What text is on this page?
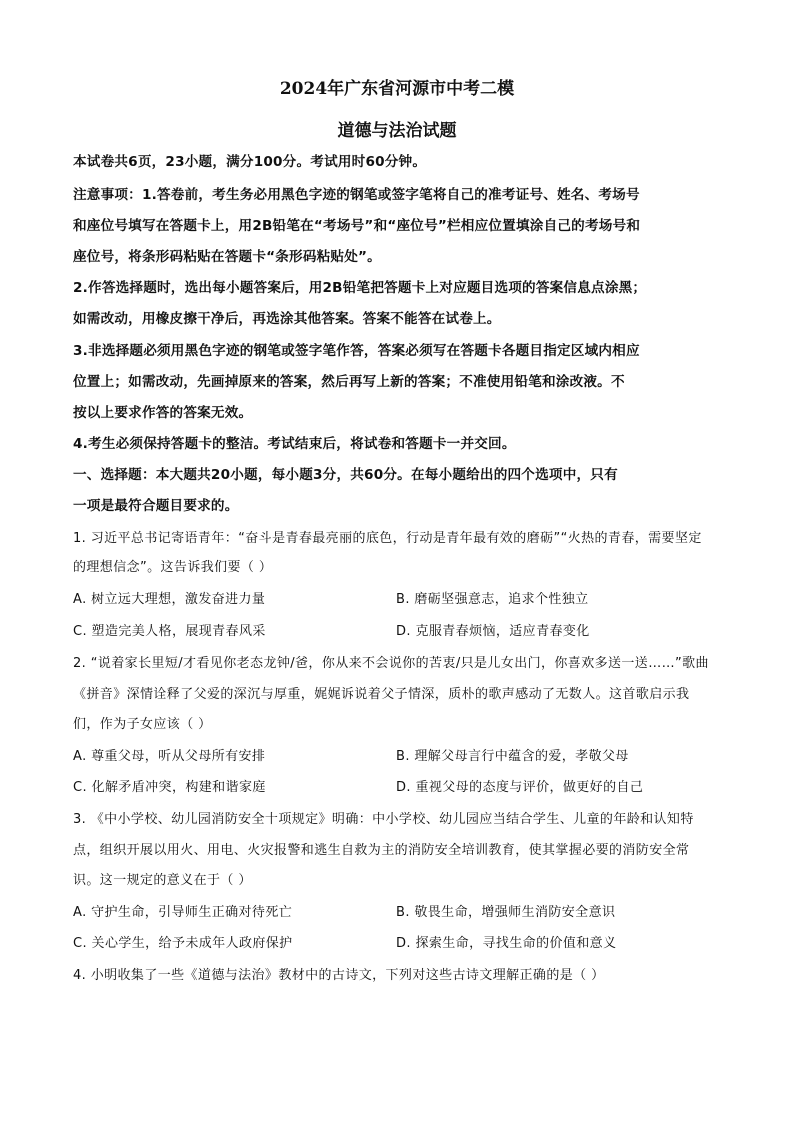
2024年广东省河源市中考二模
道德与法治试题
本试卷共6页，23小题，满分100分。考试用时60分钟。
注意事项：1.答卷前，考生务必用黑色字迹的钢笔或签字笔将自己的准考证号、姓名、考场号
和座位号填写在答题卡上，用2B铅笔在“考场号”和“座位号”栏相应位置填涂自己的考场号和
座位号，将条形码粘贴在答题卡“条形码粘贴处”。
2.作答选择题时，选出每小题答案后，用2B铅笔把答题卡上对应题目选项的答案信息点涂黑；
如需改动，用橡皮擦干净后，再选涂其他答案。答案不能答在试卷上。
3.非选择题必须用黑色字迹的钢笔或签字笔作答，答案必须写在答题卡各题目指定区域内相应
位置上；如需改动，先画掉原来的答案，然后再写上新的答案；不准使用铅笔和涂改液。不
按以上要求作答的答案无效。
4.考生必须保持答题卡的整洁。考试结束后，将试卷和答题卡一并交回。
一、选择题：本大题共20小题，每小题3分，共60分。在每小题给出的四个选项中，只有
一项是最符合题目要求的。
1. 习近平总书记寄语青年：“奋斗是青春最亮丽的底色，行动是青年最有效的磨砺”“火热的青春，需要坚定
的理想信念”。这告诉我们要（ ）
A. 树立远大理想，激发奋进力量	B. 磨砺坚强意志，追求个性独立
C. 塑造完美人格，展现青春风采	D. 克服青春烦恼，适应青春变化
2. “说着家长里短/才看见你老态龙钟/爸，你从来不会说你的苦衷/只是儿女出门，你喜欢多送一送……”歌曲
《拼音》深情诠释了父爱的深沉与厚重，娓娓诉说着父子情深，质朴的歌声感动了无数人。这首歌启示我
们，作为子女应该（ ）
A. 尊重父母，听从父母所有安排	B. 理解父母言行中蕴含的爱，孝敬父母
C. 化解矛盾冲突，构建和谐家庭	D. 重视父母的态度与评价，做更好的自己
3. 《中小学校、幼儿园消防安全十项规定》明确：中小学校、幼儿园应当结合学生、儿童的年龄和认知特
点，组织开展以用火、用电、火灾报警和逃生自救为主的消防安全培训教育，使其掌握必要的消防安全常
识。这一规定的意义在于（ ）
A. 守护生命，引导师生正确对待死亡	B. 敬畏生命，增强师生消防安全意识
C. 关心学生，给予未成年人政府保护	D. 探索生命，寻找生命的价值和意义
4. 小明收集了一些《道德与法治》教材中的古诗文，下列对这些古诗文理解正确的是（ ）
